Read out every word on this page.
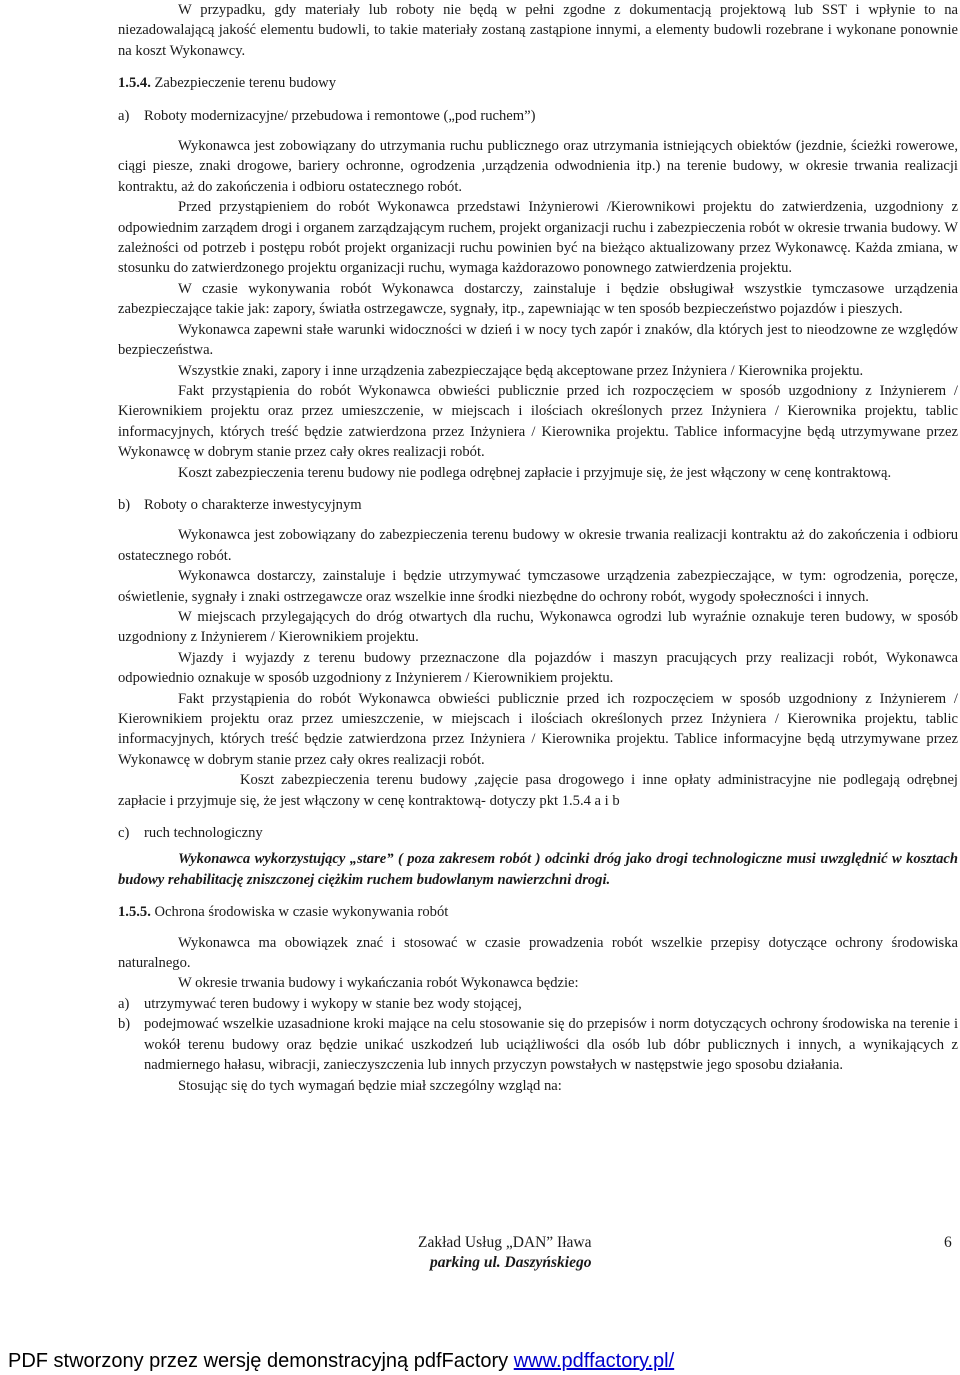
W przypadku, gdy materiały lub roboty nie będą w pełni zgodne z dokumentacją projektową lub SST i wpłynie to na niezadowalającą jakość elementu budowli, to takie materiały zostaną zastąpione innymi, a elementy budowli rozebrane i wykonane ponownie na koszt Wykonawcy.

1.5.4. Zabezpieczenie terenu budowy
a) Roboty modernizacyjne/ przebudowa i remontowe („pod ruchem”)

Wykonawca jest zobowiązany do utrzymania ruchu publicznego oraz utrzymania istniejących obiektów (jezdnie, ścieżki rowerowe, ciągi piesze, znaki drogowe, bariery ochronne, ogrodzenia ,urządzenia odwodnienia itp.) na terenie budowy, w okresie trwania realizacji kontraktu, aż do zakończenia i odbioru ostatecznego robót.

Przed przystąpieniem do robót Wykonawca przedstawi Inżynierowi /Kierownikowi projektu do zatwierdzenia, uzgodniony z odpowiednim zarządem drogi i organem zarządzającym ruchem, projekt organizacji ruchu i zabezpieczenia robót w okresie trwania budowy. W zależności od potrzeb i postępu robót projekt organizacji ruchu powinien być na bieżąco aktualizowany przez Wykonawcę. Każda zmiana, w stosunku do zatwierdzonego projektu organizacji ruchu, wymaga każdorazowo ponownego zatwierdzenia projektu.

W czasie wykonywania robót Wykonawca dostarczy, zainstaluje i będzie obsługiwał wszystkie tymczasowe urządzenia zabezpieczające takie jak: zapory, światła ostrzegawcze, sygnały, itp., zapewniając w ten sposób bezpieczeństwo pojazdów i pieszych.

Wykonawca zapewni stałe warunki widoczności w dzień i w nocy tych zapór i znaków, dla których jest to nieodzowne ze względów bezpieczeństwa.

Wszystkie znaki, zapory i inne urządzenia zabezpieczające będą akceptowane przez Inżyniera / Kierownika projektu.

Fakt przystąpienia do robót Wykonawca obwieści publicznie przed ich rozpoczęciem w sposób uzgodniony z Inżynierem / Kierownikiem projektu oraz przez umieszczenie, w miejscach i ilościach określonych przez Inżyniera / Kierownika projektu, tablic informacyjnych, których treść będzie zatwierdzona przez Inżyniera / Kierownika projektu. Tablice informacyjne będą utrzymywane przez Wykonawcę w dobrym stanie przez cały okres realizacji robót.

Koszt zabezpieczenia terenu budowy nie podlega odrębnej zapłacie i przyjmuje się, że jest włączony w cenę kontraktową.

b) Roboty o charakterze inwestycyjnym

Wykonawca jest zobowiązany do zabezpieczenia terenu budowy w okresie trwania realizacji kontraktu aż do zakończenia i odbioru ostatecznego robót.

Wykonawca dostarczy, zainstaluje i będzie utrzymywać tymczasowe urządzenia zabezpieczające, w tym: ogrodzenia, poręcze, oświetlenie, sygnały i znaki ostrzegawcze oraz wszelkie inne środki niezbędne do ochrony robót, wygody społeczności i innych.

W miejscach przylegających do dróg otwartych dla ruchu, Wykonawca ogrodzi lub wyraźnie oznakuje teren budowy, w sposób uzgodniony z Inżynierem / Kierownikiem projektu.

Wjazdy i wyjazdy z terenu budowy przeznaczone dla pojazdów i maszyn pracujących przy realizacji robót, Wykonawca odpowiednio oznakuje w sposób uzgodniony z Inżynierem / Kierownikiem projektu.

Fakt przystąpienia do robót Wykonawca obwieści publicznie przed ich rozpoczęciem w sposób uzgodniony z Inżynierem / Kierownikiem projektu oraz przez umieszczenie, w miejscach i ilościach określonych przez Inżyniera / Kierownika projektu, tablic informacyjnych, których treść będzie zatwierdzona przez Inżyniera / Kierownika projektu. Tablice informacyjne będą utrzymywane przez Wykonawcę w dobrym stanie przez cały okres realizacji robót.

Koszt zabezpieczenia terenu budowy ,zajęcie pasa drogowego i inne opłaty administracyjne nie podlegają odrębnej zapłacie i przyjmuje się, że jest włączony w cenę kontraktową- dotyczy pkt 1.5.4 a i b

c) ruch technologiczny

Wykonawca wykorzystujący „stare” ( poza zakresem robót ) odcinki dróg jako drogi technologiczne musi uwzględnić w kosztach budowy rehabilitację zniszczonej ciężkim ruchem budowlanym nawierzchni drogi.

1.5.5. Ochrona środowiska w czasie wykonywania robót

Wykonawca ma obowiązek znać i stosować w czasie prowadzenia robót wszelkie przepisy dotyczące ochrony środowiska naturalnego.

W okresie trwania budowy i wykańczania robót Wykonawca będzie:

a)	utrzymywać teren budowy i wykopy w stanie bez wody stojącej,
b) podejmować wszelkie uzasadnione kroki mające na celu stosowanie się do przepisów i norm dotyczących ochrony środowiska na terenie i wokół terenu budowy oraz będzie unikać uszkodzeń lub uciążliwości dla osób lub dóbr publicznych i innych, a wynikających z nadmiernego hałasu, wibracji, zanieczyszczenia lub innych przyczyn powstałych w następstwie jego sposobu działania.

Stosując się do tych wymagań będzie miał szczególny wzgląd na:

Zakład Usług „DAN” Iława
parking ul. Daszyńskiego
6
PDF stworzony przez wersję demonstracyjną pdfFactory www.pdffactory.pl/
